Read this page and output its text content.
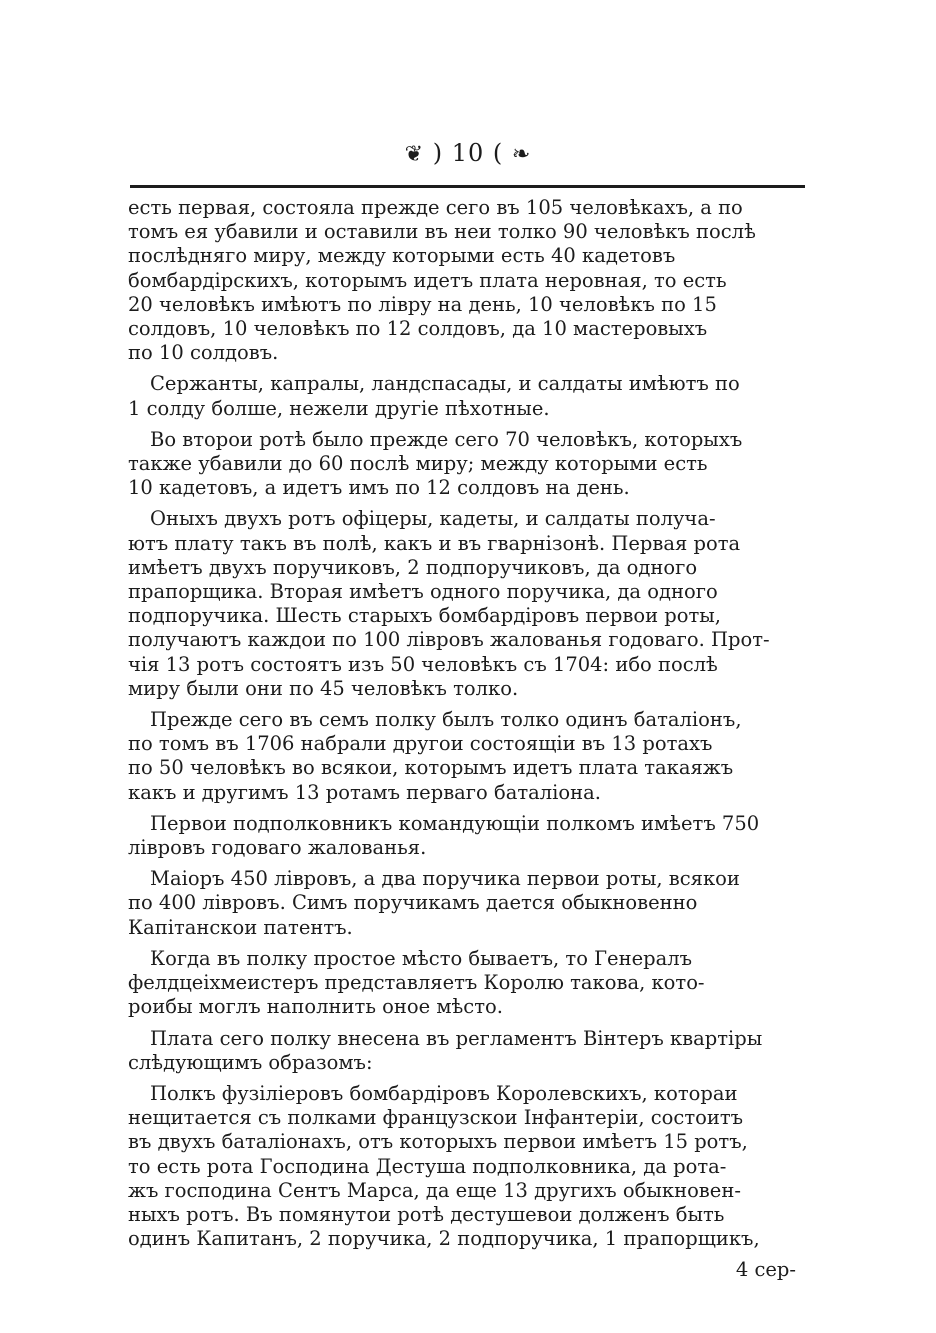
❦ ) 10 ( ❧
есть первая, состояла прежде сего въ 105 человѣкахъ, а по
томъ ея убавили и оставили въ неи толко 90 человѣкъ послѣ
послѣдняго миру, между которыми есть 40 кадетовъ
бомбардірскихъ, которымъ идетъ плата неровная, то есть
20 человѣкъ имѣютъ по ліврy на день, 10 человѣкъ по 15
солдовъ, 10 человѣкъ по 12 солдовъ, да 10 мастеровыхъ
по 10 солдовъ.
Сержанты, капралы, ландспасады, и салдаты имѣютъ по
1 солду болше, нежели другіе пѣхотные.
Во второи ротѣ было прежде сего 70 человѣкъ, которыхъ
также убавили до 60 послѣ миру; между которыми есть
10 кадетовъ, а идетъ имъ по 12 солдовъ на день.
Оныхъ двухъ ротъ офіцеры, кадеты, и салдаты получа-
ютъ плату такъ въ полѣ, какъ и въ гварнізонѣ. Первая рота
имѣетъ двухъ поручиковъ, 2 подпоручиковъ, да одного
прапорщика. Вторая имѣетъ одного поручика, да одного
подпоручика. Шесть старыхъ бомбардіровъ первои роты,
получаютъ каждои по 100 лівровъ жалованья годоваго. Прот-
чія 13 ротъ состоятъ изъ 50 человѣкъ съ 1704: ибо послѣ
миру были они по 45 человѣкъ толко.
Прежде сего въ семъ полку былъ толко одинъ баталіонъ,
по томъ въ 1706 набрали другои состоящіи въ 13 ротахъ
по 50 человѣкъ во всякои, которымъ идетъ плата такаяжъ
какъ и другимъ 13 ротамъ перваго баталіона.
Первои подполковникъ командующіи полкомъ имѣетъ 750
лівровъ годоваго жалованья.
Маіоръ 450 лівровъ, а два поручика первои роты, всякои
по 400 лівровъ. Симъ поручикамъ дается обыкновенно
Капітанскои патентъ.
Когда въ полку простое мѣсто бываетъ, то Генералъ
фелдцеіхмеистеръ представляетъ Королю такова, кото-
роибы моглъ наполнить оное мѣсто.
Плата сего полку внесена въ регламентъ Вінтеръ квартіры
слѣдующимъ образомъ:
Полкъ фузіліеровъ бомбардіровъ Королевскихъ, котораи
нещитается съ полками французскои Інфантеріи, состоитъ
въ двухъ баталіонахъ, отъ которыхъ первои имѣетъ 15 ротъ,
то есть рота Господина Дестуша подполковника, да рота-
жъ господина Сентъ Марса, да еще 13 другихъ обыкновен-
ныхъ ротъ. Въ помянутои ротѣ дестушевои долженъ быть
одинъ Капитанъ, 2 поручика, 2 подпоручика, 1 прапорщикъ,
4 сер-
